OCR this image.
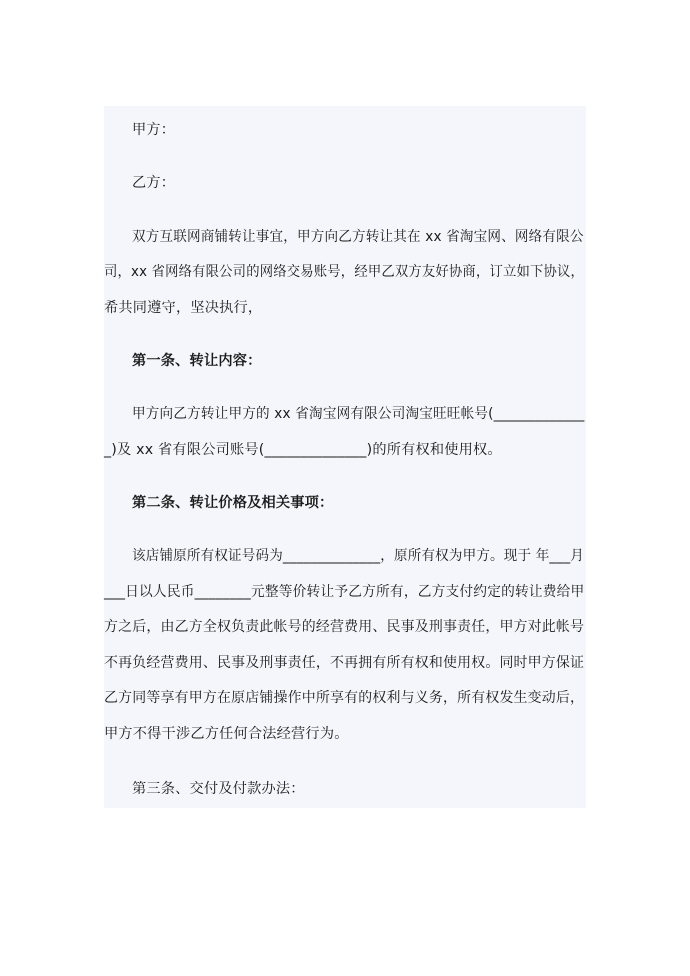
甲方：
乙方：
双方互联网商铺转让事宜，甲方向乙方转让其在 xx 省淘宝网、网络有限公
司，xx 省网络有限公司的网络交易账号，经甲乙双方友好协商，订立如下协议，
希共同遵守，坚决执行，
第一条、转让内容：
甲方向乙方转让甲方的 xx 省淘宝网有限公司淘宝旺旺帐号(_____________
_)及 xx 省有限公司账号(______________)的所有权和使用权。
第二条、转让价格及相关事项：
该店铺原所有权证号码为______________，原所有权为甲方。现于 年___月
___日以人民币________元整等价转让予乙方所有，乙方支付约定的转让费给甲
方之后，由乙方全权负责此帐号的经营费用、民事及刑事责任，甲方对此帐号
不再负经营费用、民事及刑事责任，不再拥有所有权和使用权。同时甲方保证
乙方同等享有甲方在原店铺操作中所享有的权利与义务，所有权发生变动后，
甲方不得干涉乙方任何合法经营行为。
第三条、交付及付款办法：
